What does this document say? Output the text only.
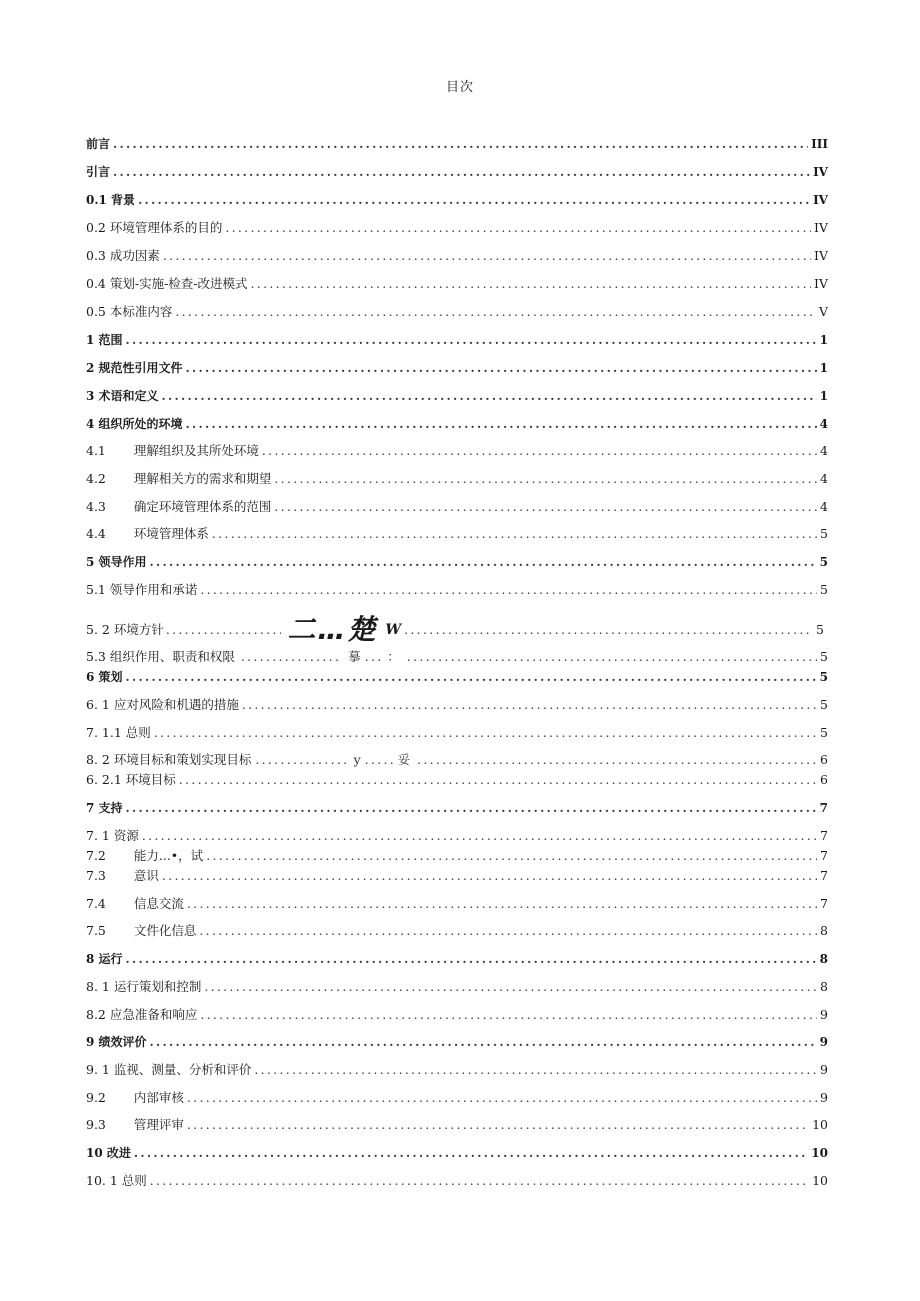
目次
前言 .....	III
引言 .....	IV
0.1 背景 .....	IV
0.2 环境管理体系的目的 .....	IV
0.3 成功因素 .....	IV
0.4 策划-实施-检查-改进模式 .....	IV
0.5 本标准内容 .....	V
1 范围 .....	1
2 规范性引用文件 .....	1
3 术语和定义 .....	1
4 组织所处的环境 .....	4
4.1 理解组织及其所处环境 .....	4
4.2 理解相关方的需求和期望 .....	4
4.3 确定环境管理体系的范围 .....	4
4.4 环境管理体系 .....	5
5 领导作用 .....	5
5.1 领导作用和承诺 .....	5
5. 2 环境方针 .....	二…楚 W .....	5
5.3 组织作用、职责和权限 .....	摹 ..... ： .....	5
6 策划 .....	5
6. 1 应对风险和机遇的措施 .....	5
7. 1.1 总则 .....	5
8. 2 环境目标和策划实现目标 .....	y .....	妥 .....	6
6. 2.1 环境目标 .....	6
7 支持 .....	7
7. 1 资源 .....	7
7.2 能力...•，试 .....	7
7.3 意识 .....	7
7.4 信息交流 .....	7
7.5 文件化信息 .....	8
8 运行 .....	8
8. 1 运行策划和控制 .....	8
8.2 应急准备和响应 .....	9
9 绩效评价 .....	9
9. 1 监视、测量、分析和评价 .....	9
9.2 内部审核 .....	9
9.3 管理评审 .....	10
10 改进 .....	10
10. 1 总则 .....	10
